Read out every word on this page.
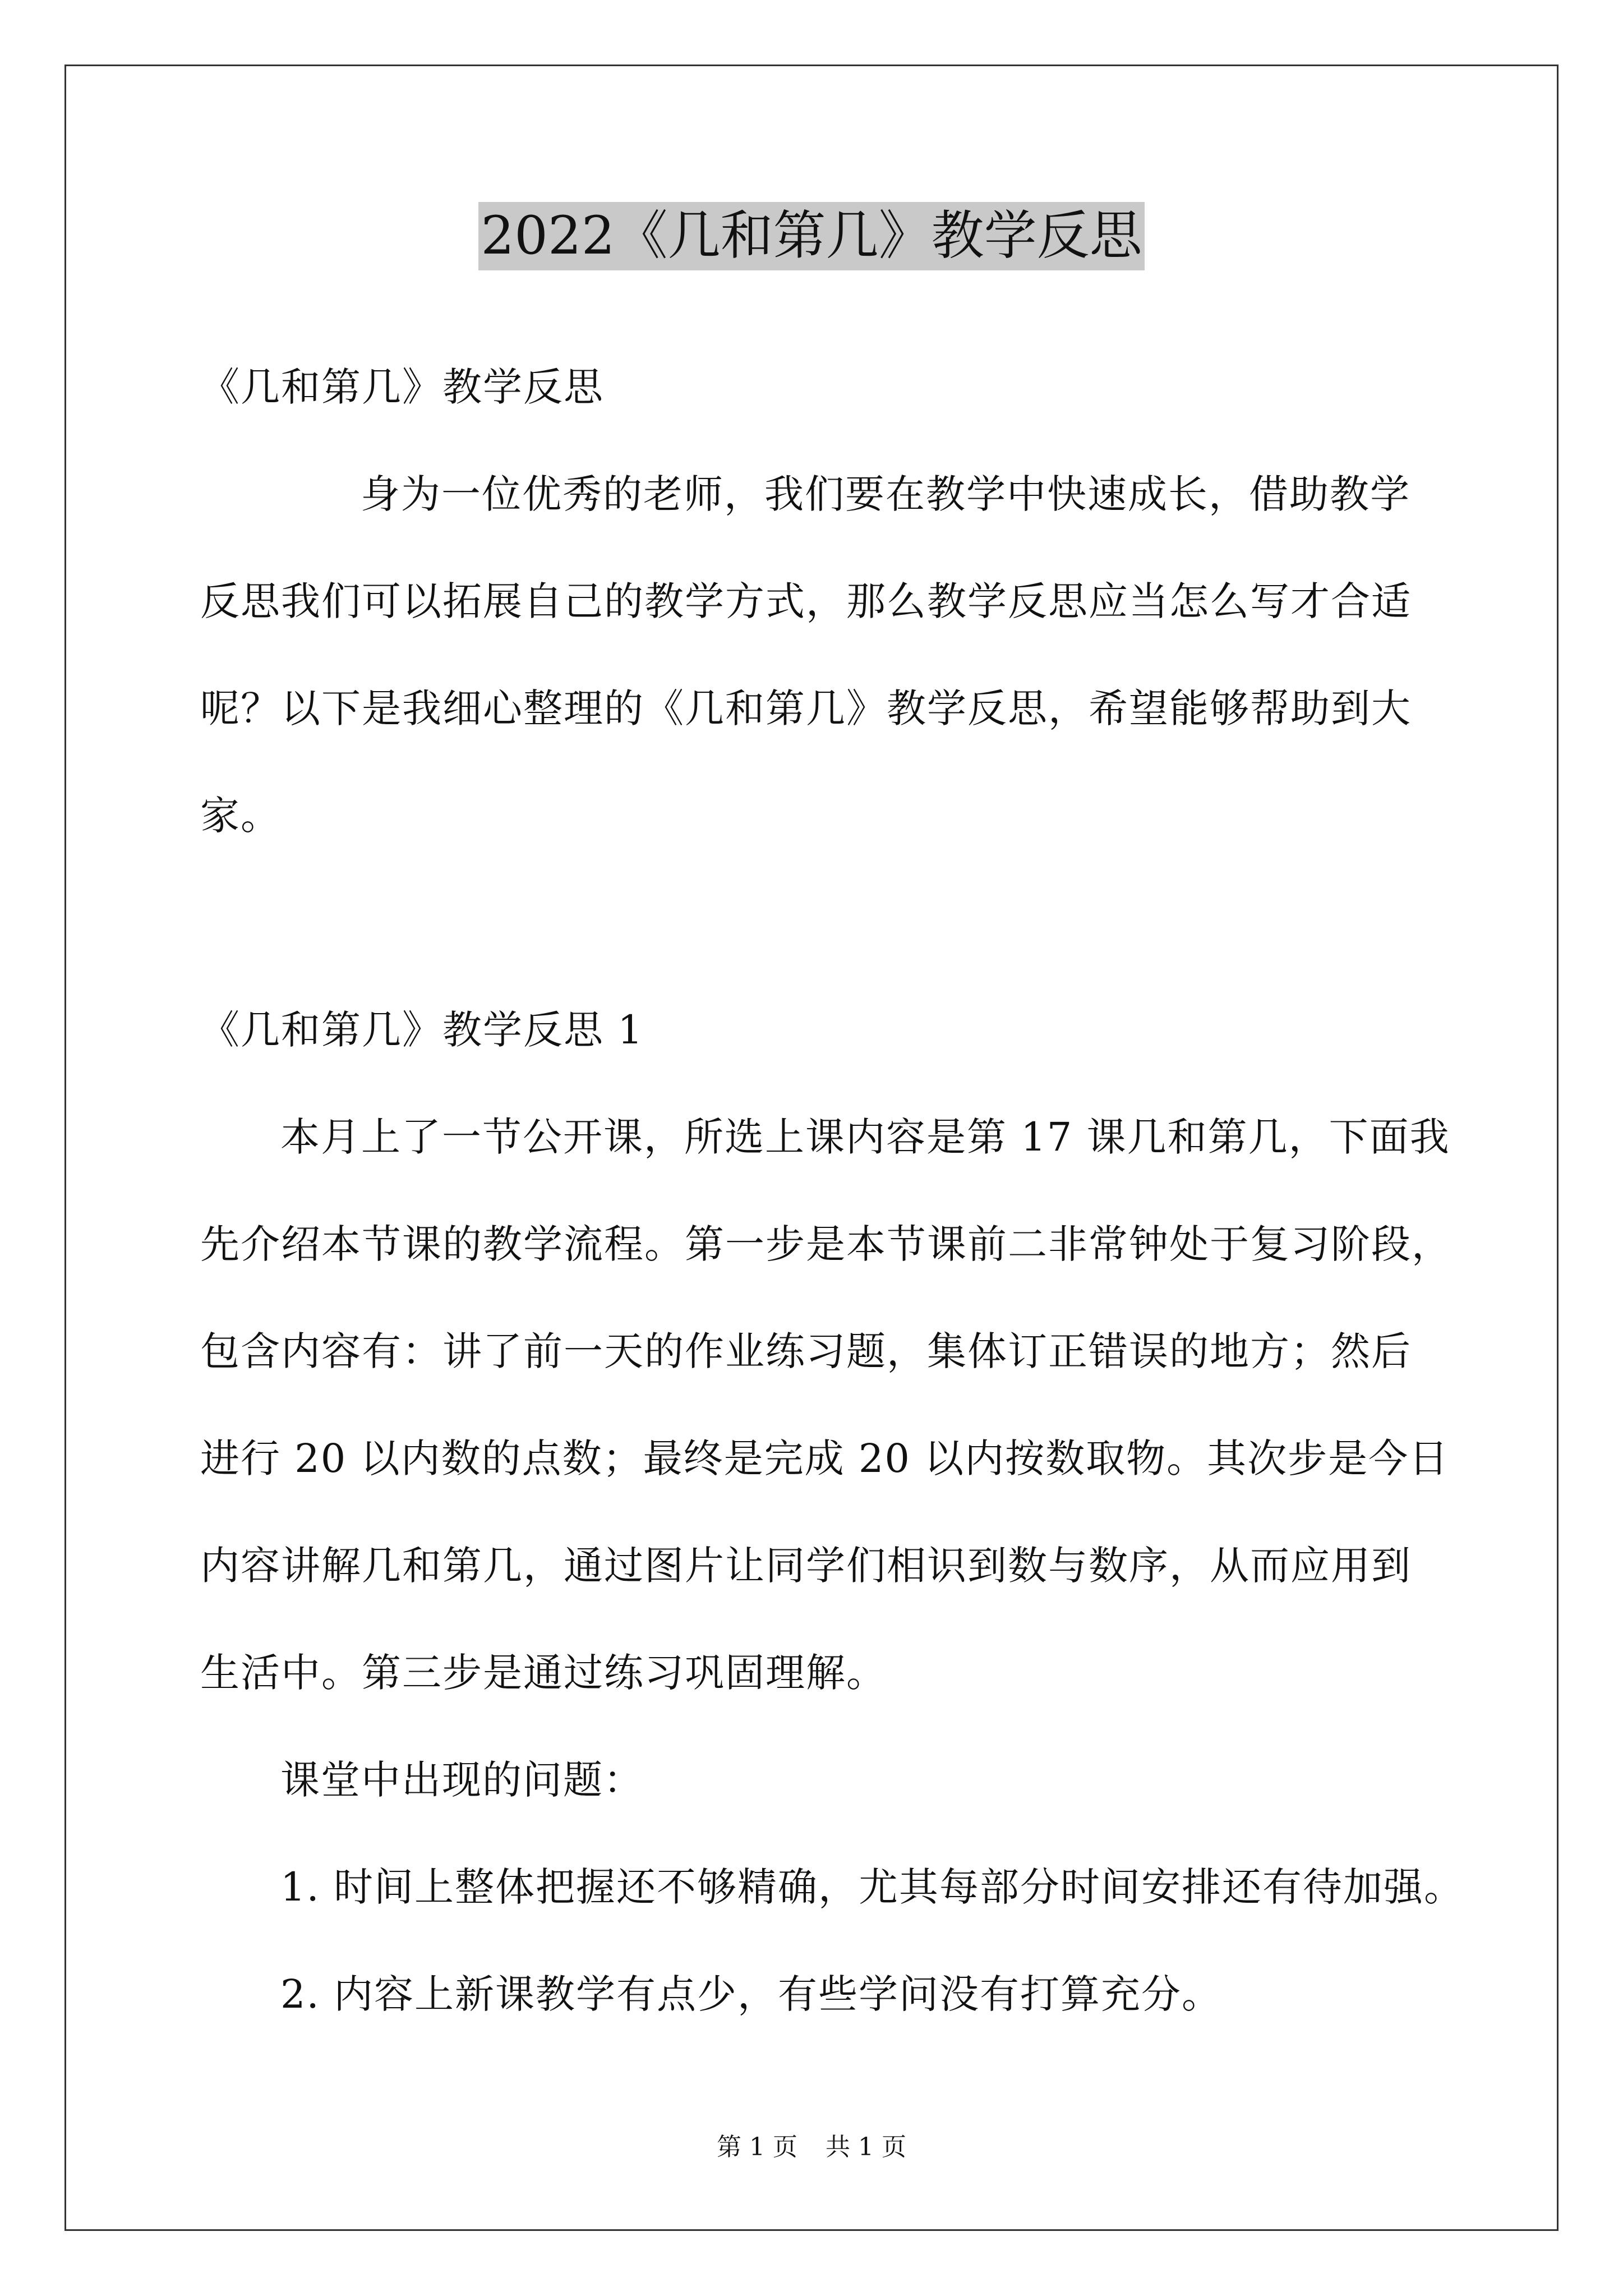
2022《几和第几》教学反思
《几和第几》教学反思
身为一位优秀的老师，我们要在教学中快速成长，借助教学
反思我们可以拓展自己的教学方式，那么教学反思应当怎么写才合适
呢？以下是我细心整理的《几和第几》教学反思，希望能够帮助到大
家。
《几和第几》教学反思 1
本月上了一节公开课，所选上课内容是第 17 课几和第几，下面我
先介绍本节课的教学流程。第一步是本节课前二非常钟处于复习阶段，
包含内容有：讲了前一天的作业练习题，集体订正错误的地方；然后
进行 20 以内数的点数；最终是完成 20 以内按数取物。其次步是今日
内容讲解几和第几，通过图片让同学们相识到数与数序，从而应用到
生活中。第三步是通过练习巩固理解。
课堂中出现的问题：
1. 时间上整体把握还不够精确，尤其每部分时间安排还有待加强。
2. 内容上新课教学有点少，有些学问没有打算充分。
第 1 页 共 1 页
